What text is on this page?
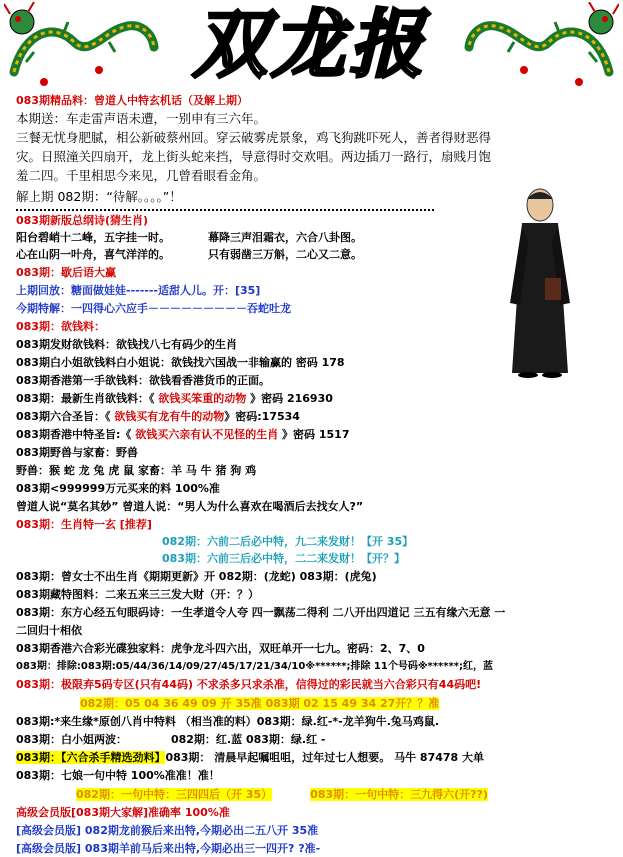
双龙报
083期精品料：曾道人中特玄机话（及解上期）
本期送：车走雷声语未遭，一别申有三六年。
三餐无忧身肥腻，相公新破蔡州回。穿云破雾虎景象，鸡飞狗跳吓死人，善者得财恶得
灾。日照潼关四扇开，龙上街头蛇来挡，导意得时交欢唱。两边插刀一路行，扇贱月饱
羞二四。千里相思今来见，几曾看眼看金角。
解上期 082期：“待解。。。。”！
083期新版总纲诗(猜生肖)
阳台碧峭十二峰，五字挂一时。	幕降三声泪霜衣，六合八卦图。
心在山阴一叶舟，喜气洋洋的。	只有弱凿三万斛，二心又二意。
083期：歇后语大赢
上期回放：糖面做娃娃-------适甜人儿。开：[35]
今期特解：一四得心六应手－－－－－－－－－吞蛇吐龙
083期：欲钱料：
083期发财欲钱料：欲钱找八七有码少的生肖
083期白小姐欲钱料白小姐说：欲钱找六国战一非输赢的 密码 178
083期香港第一手欲钱料：欲钱看香港货币的正面。
083期：最新生肖欲钱料：《 欲钱买笨重的动物 》密码 216930
083期六合圣旨：《 欲钱买有龙有牛的动物》密码:17534
083期香港中特圣旨:《 欲钱买六亲有认不见怪的生肖 》密码 1517
083期野兽与家畜：野兽
野兽：猴 蛇 龙 兔 虎 鼠 家畜：羊 马 牛 猪 狗 鸡
083期<999999万元买来的料 100%准
曾道人说“莫名其妙” 曾道人说：“男人为什么喜欢在喝酒后去找女人?”
083期：生肖特一玄 [推荐]
082期：六前二后必中特，九二来发财！【开 35】
083期：六前三后必中特，二二来发财！【开？】
083期：曾女士不出生肖《期期更新》开 082期：(龙蛇) 083期：(虎兔)
083期藏特图料：二来五来三三发大财（开：？）
083期：东方心经五句眼码诗：一生孝道令人夸 四一飘荡二得利 二八开出四道记 三五有缘六无意 一
二回归十相依
083期香港六合彩光碟独家料：虎争龙斗四六出，双旺单开一七九。密码：2、7、0
083期：排除:083期:05/44/36/14/09/27/45/17/21/34/10※******;排除 11个号码※******;红，蓝
083期：极限弃5码专区(只有44码) 不求杀多只求杀准，信得过的彩民就当六合彩只有44码吧!
082期：05 04 36 49 09 开 35准 083期 02 15 49 34 27开？？准
083期:*来生缘*原创八肖中特料 （相当准的料）083期：绿.红-*-龙羊狗牛.兔马鸡鼠.
083期：白小姐两波：	082期：红.蓝 083期：绿.红 -
083期：【六合杀手精选劲料】083期： 清晨早起嘱咀咀，过年过七人想要。 马牛 87478 大单
083期：七娘一句中特 100%准准！准！
082期：一句中特：三四四后（开 35）	083期：一句中特：三九得六(开??)
高级会员版[083期大家解]准确率 100%准
[高级会员版] 082期龙前猴后来出特,今期必出二五八开 35准
[高级会员版] 083期羊前马后来出特,今期必出三一四开? ?准-
